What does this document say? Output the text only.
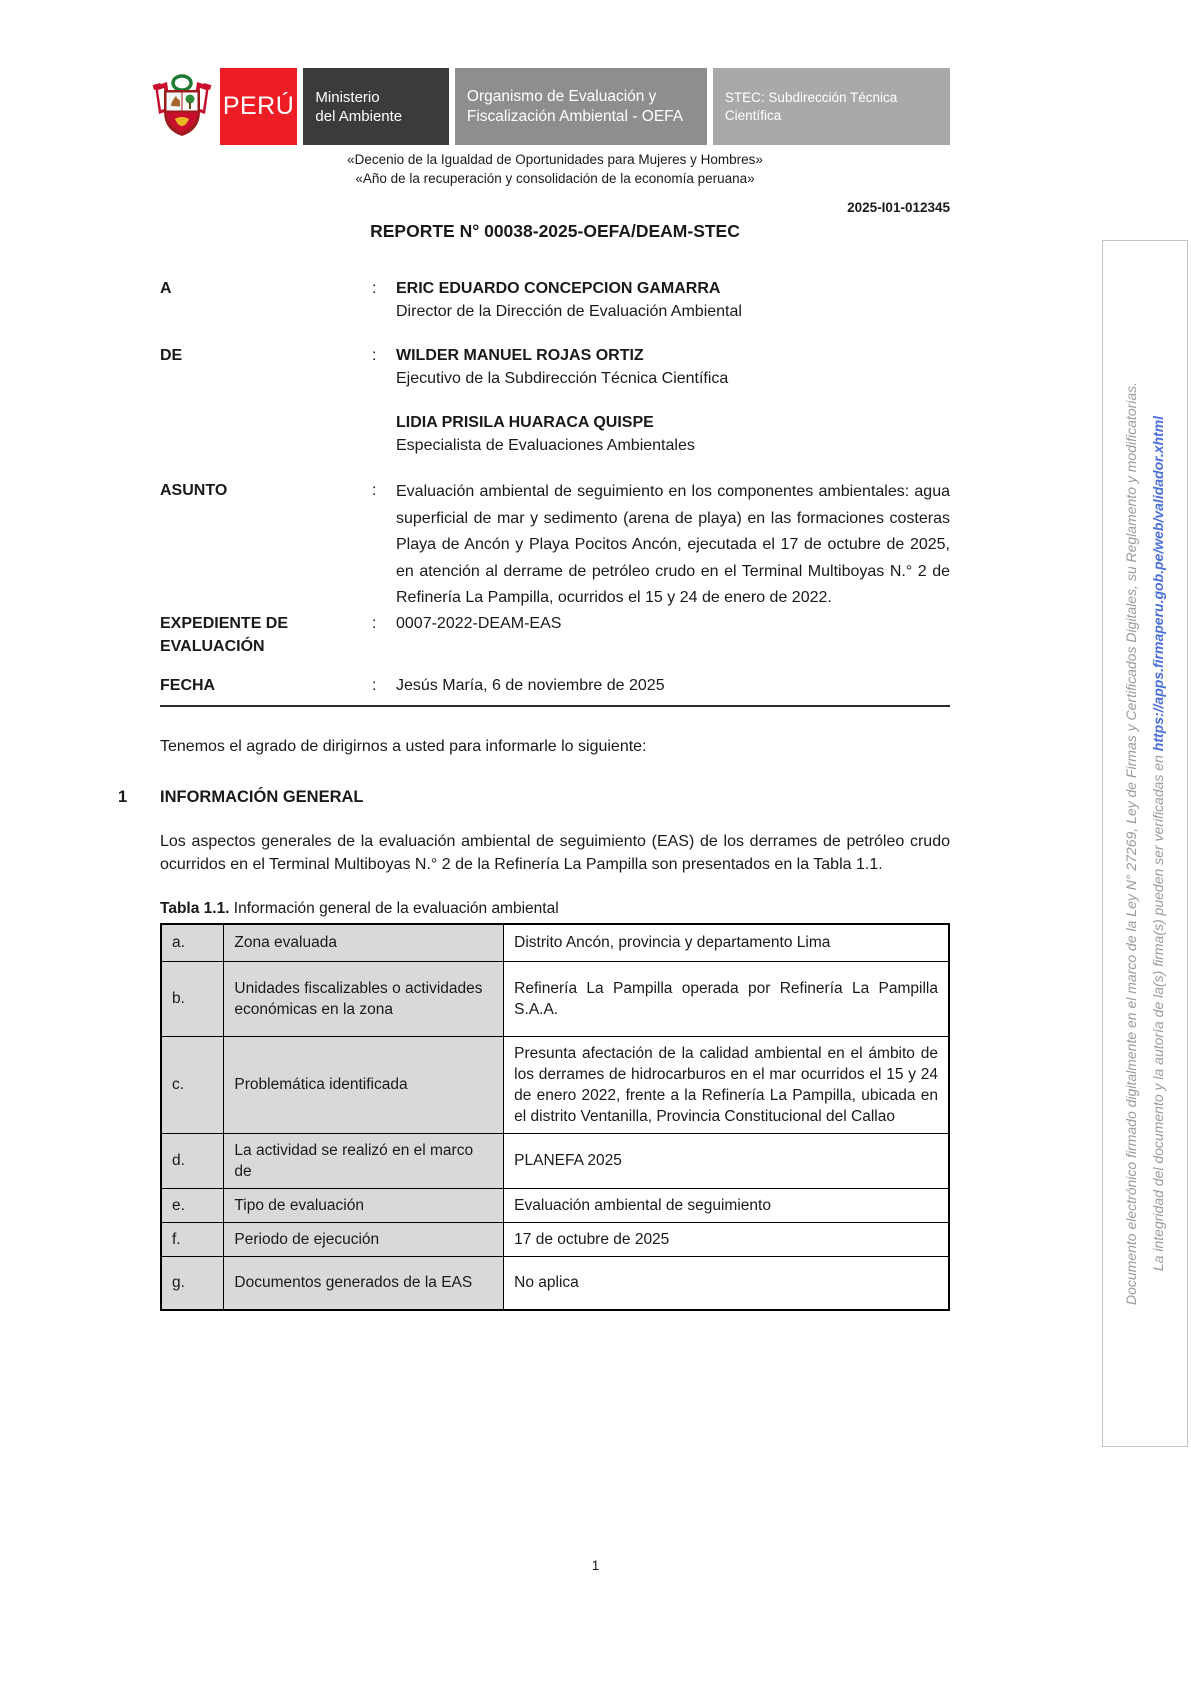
PERÚ Ministerio
del Ambiente
Organismo de Evaluación y
Fiscalización Ambiental - OEFA
STEC: Subdirección Técnica
Científica
«Decenio de la Igualdad de Oportunidades para Mujeres y Hombres»
«Año de la recuperación y consolidación de la economía peruana»
2025-I01-012345
REPORTE N° 00038-2025-OEFA/DEAM-STEC
A	:	ERIC EDUARDO CONCEPCION GAMARRA
Director de la Dirección de Evaluación Ambiental
DE	:	WILDER MANUEL ROJAS ORTIZ
Ejecutivo de la Subdirección Técnica Científica
LIDIA PRISILA HUARACA QUISPE
Especialista de Evaluaciones Ambientales
ASUNTO	:	Evaluación ambiental de seguimiento en los componentes ambientales: agua superficial de mar y sedimento (arena de playa) en las formaciones costeras Playa de Ancón y Playa Pocitos Ancón, ejecutada el 17 de octubre de 2025, en atención al derrame de petróleo crudo en el Terminal Multiboyas N.° 2 de Refinería La Pampilla, ocurridos el 15 y 24 de enero de 2022.
EXPEDIENTE DE
EVALUACIÓN
:	0007-2022-DEAM-EAS
FECHA	:	Jesús María, 6 de noviembre de 2025
Tenemos el agrado de dirigirnos a usted para informarle lo siguiente:
1 INFORMACIÓN GENERAL
Los aspectos generales de la evaluación ambiental de seguimiento (EAS) de los derrames de petróleo crudo ocurridos en el Terminal Multiboyas N.° 2 de la Refinería La Pampilla son presentados en la Tabla 1.1.
Tabla 1.1. Información general de la evaluación ambiental
a.	Zona evaluada	Distrito Ancón, provincia y departamento Lima
b.	Unidades fiscalizables o actividades económicas en la zona	Refinería La Pampilla operada por Refinería La Pampilla S.A.A.
c.	Problemática identificada	Presunta afectación de la calidad ambiental en el ámbito de los derrames de hidrocarburos en el mar ocurridos el 15 y 24 de enero 2022, frente a la Refinería La Pampilla, ubicada en el distrito Ventanilla, Provincia Constitucional del Callao
d.	La actividad se realizó en el marco de	PLANEFA 2025
e.	Tipo de evaluación	Evaluación ambiental de seguimiento
f.	Periodo de ejecución	17 de octubre de 2025
g.	Documentos generados de la EAS	No aplica	Documento electrónico firmado digitalmente en el marco de la Ley N° 27269, Ley de Firmas y Certificados Digitales, su Reglamento y modificatorias. La integridad del documento y la autoría de la(s) firma(s) pueden ser verificadas en https://apps.firmaperu.gob.pe/web/validador.xhtml
1
